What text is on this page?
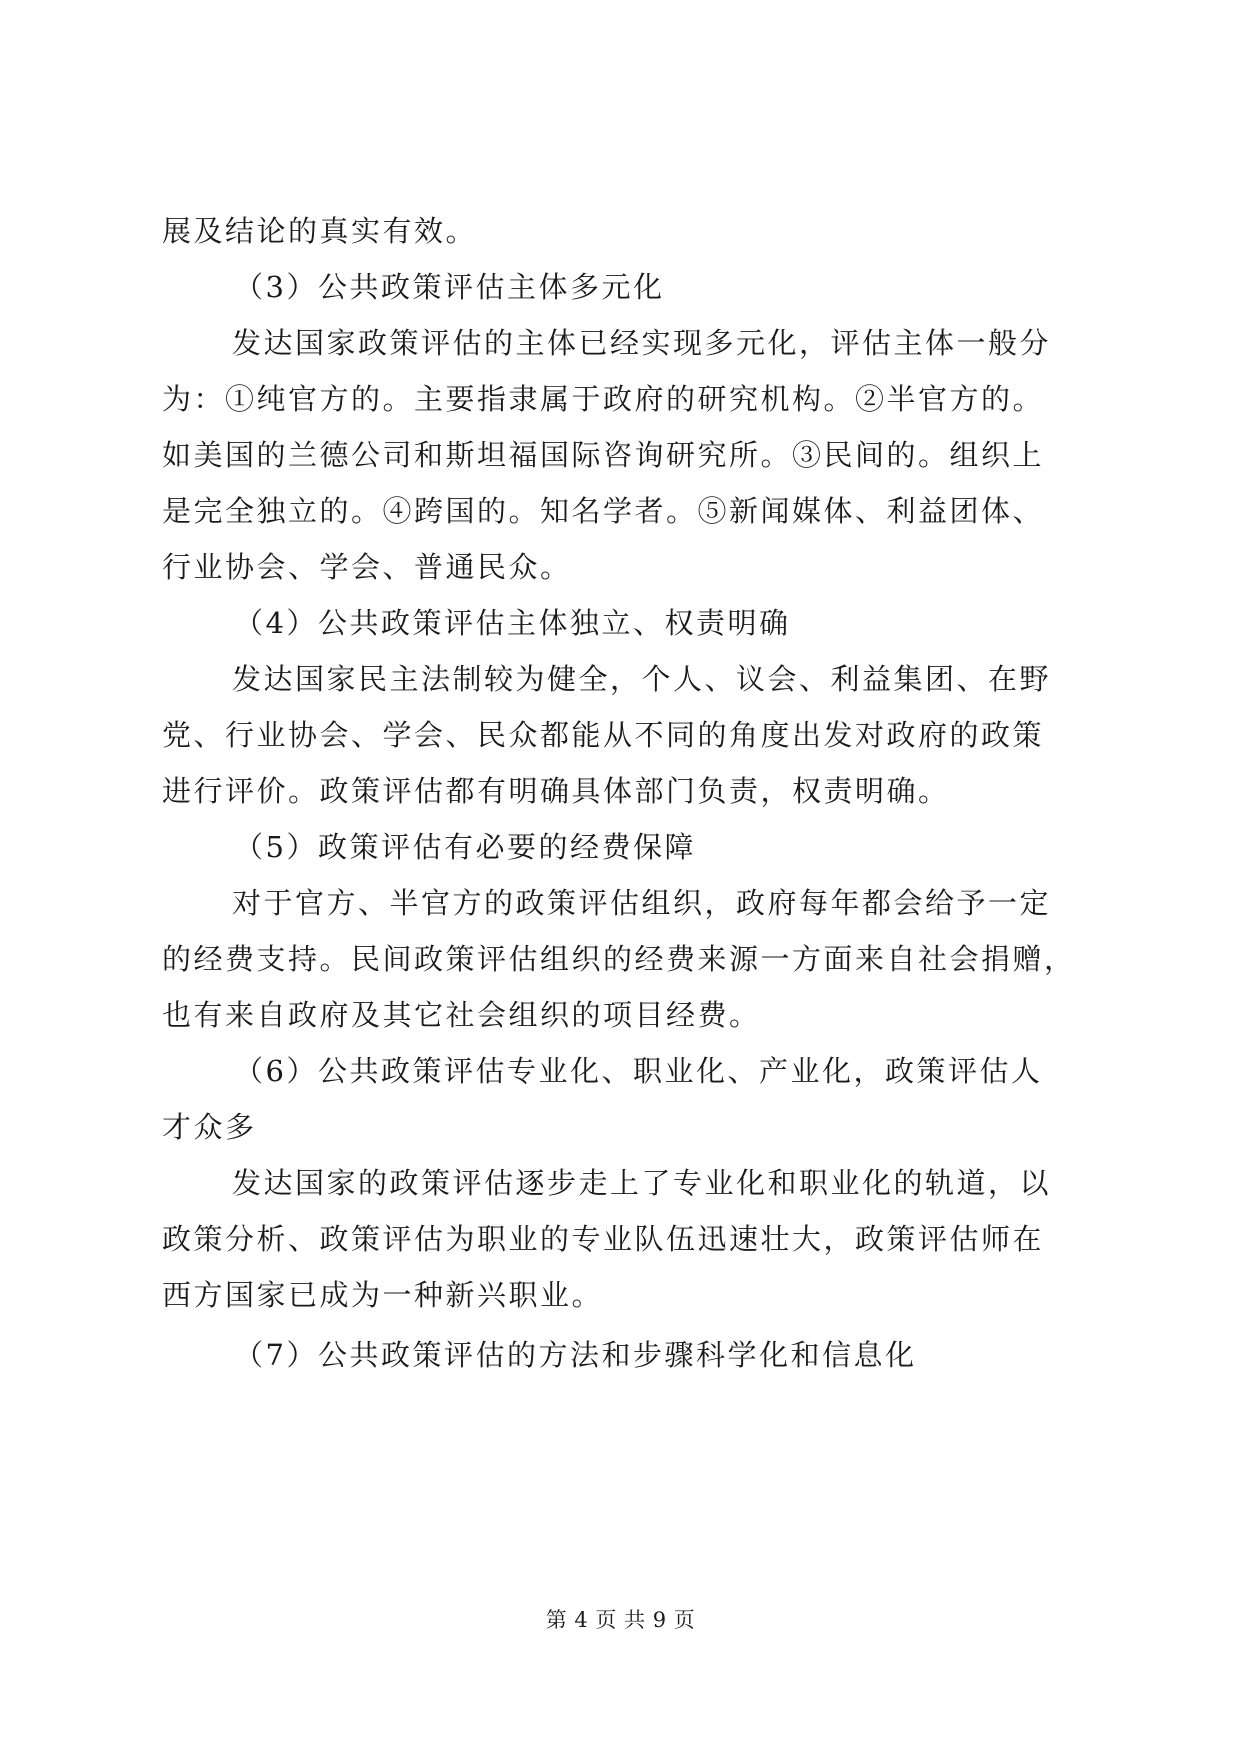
展及结论的真实有效。
（3）公共政策评估主体多元化
发达国家政策评估的主体已经实现多元化，评估主体一般分
为：①纯官方的。主要指隶属于政府的研究机构。②半官方的。
如美国的兰德公司和斯坦福国际咨询研究所。③民间的。组织上
是完全独立的。④跨国的。知名学者。⑤新闻媒体、利益团体、
行业协会、学会、普通民众。
（4）公共政策评估主体独立、权责明确
发达国家民主法制较为健全，个人、议会、利益集团、在野
党、行业协会、学会、民众都能从不同的角度出发对政府的政策
进行评价。政策评估都有明确具体部门负责，权责明确。
（5）政策评估有必要的经费保障
对于官方、半官方的政策评估组织，政府每年都会给予一定
的经费支持。民间政策评估组织的经费来源一方面来自社会捐赠，
也有来自政府及其它社会组织的项目经费。
（6）公共政策评估专业化、职业化、产业化，政策评估人
才众多
发达国家的政策评估逐步走上了专业化和职业化的轨道，以
政策分析、政策评估为职业的专业队伍迅速壮大，政策评估师在
西方国家已成为一种新兴职业。
（7）公共政策评估的方法和步骤科学化和信息化
第 4 页 共 9 页
